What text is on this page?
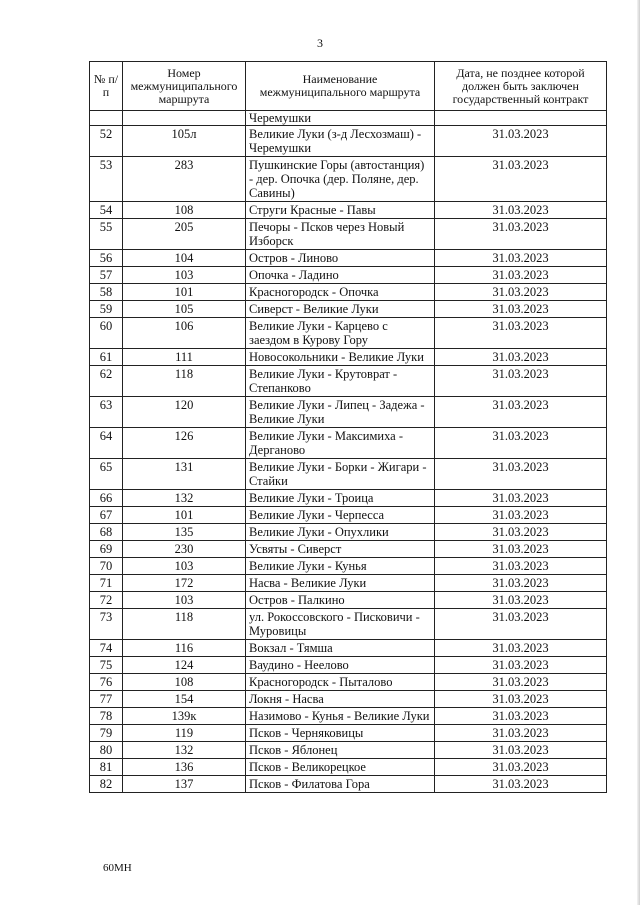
3
№ п/п	Номер межмуниципального маршрута	Наименование межмуниципального маршрута	Дата, не позднее которой должен быть заключен государственный контракт
		Черемушки	
52	105л	Великие Луки (з-д Лесхозмаш) - Черемушки	31.03.2023
53	283	Пушкинские Горы (автостанция) - дер. Опочка (дер. Поляне, дер. Савины)	31.03.2023
54	108	Струги Красные - Павы	31.03.2023
55	205	Печоры - Псков через Новый Изборск	31.03.2023
56	104	Остров - Линово	31.03.2023
57	103	Опочка - Ладино	31.03.2023
58	101	Красногородск - Опочка	31.03.2023
59	105	Сиверст - Великие Луки	31.03.2023
60	106	Великие Луки - Карцево с заездом в Курову Гору	31.03.2023
61	111	Новосокольники - Великие Луки	31.03.2023
62	118	Великие Луки - Крутоврат - Степанково	31.03.2023
63	120	Великие Луки - Липец - Задежа - Великие Луки	31.03.2023
64	126	Великие Луки - Максимиха - Дерганово	31.03.2023
65	131	Великие Луки - Борки - Жигари - Стайки	31.03.2023
66	132	Великие Луки - Троица	31.03.2023
67	101	Великие Луки - Черпесса	31.03.2023
68	135	Великие Луки - Опухлики	31.03.2023
69	230	Усвяты - Сиверст	31.03.2023
70	103	Великие Луки - Кунья	31.03.2023
71	172	Насва - Великие Луки	31.03.2023
72	103	Остров - Палкино	31.03.2023
73	118	ул. Рокоссовского - Писковичи - Муровицы	31.03.2023
74	116	Вокзал - Тямша	31.03.2023
75	124	Ваудино - Неелово	31.03.2023
76	108	Красногородск - Пыталово	31.03.2023
77	154	Локня - Насва	31.03.2023
78	139к	Назимово - Кунья - Великие Луки	31.03.2023
79	119	Псков - Черняковицы	31.03.2023
80	132	Псков - Яблонец	31.03.2023
81	136	Псков - Великорецкое	31.03.2023
82	137	Псков - Филатова Гора	31.03.2023
60МН
